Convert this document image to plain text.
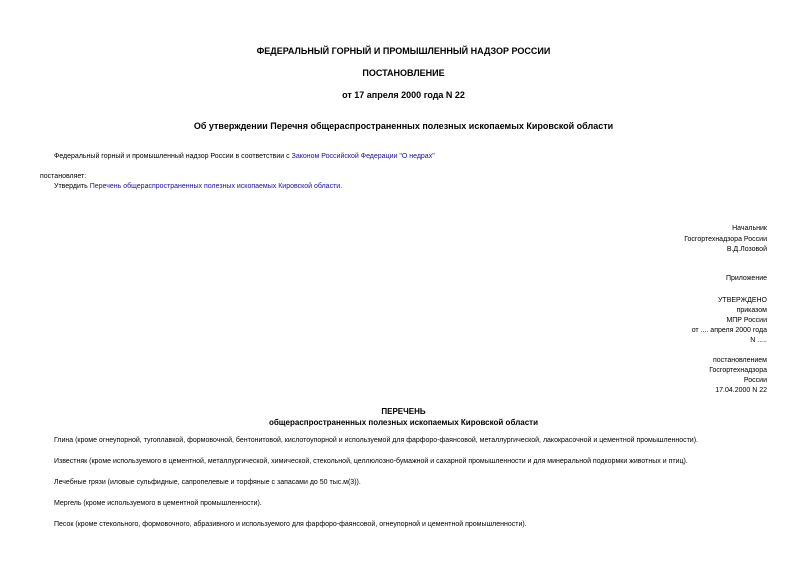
ФЕДЕРАЛЬНЫЙ ГОРНЫЙ И ПРОМЫШЛЕННЫЙ НАДЗОР РОССИИ
ПОСТАНОВЛЕНИЕ
от 17 апреля 2000 года N 22
Об утверждении Перечня общераспространенных полезных ископаемых Кировской области
Федеральный горный и промышленный надзор России в соответствии с Законом Российской Федерации "О недрах"
постановляет:
Утвердить Перечень общераспространенных полезных ископаемых Кировской области.
Начальник
Госгортехнадзора России
В.Д.Лозовой
Приложение
УТВЕРЖДЕНО
приказом
МПР России
от .... апреля 2000 года
N .....
постановлением
Госгортехнадзора
России
17.04.2000 N 22
ПЕРЕЧЕНЬ
общераспространенных полезных ископаемых Кировской области
Глина (кроме огнеупорной, тугоплавкой, формовочной, бентонитовой, кислотоупорной и используемой для фарфоро-фаянсовой, металлургической, лакокрасочной и цементной промышленности).
Известняк (кроме используемого в цементной, металлургической, химической, стекольной, целлюлозно-бумажной и сахарной промышленности и для минеральной подкормки животных и птиц).
Лечебные грязи (иловые сульфидные, сапропелевые и торфяные с запасами до 50 тыс.м(3)).
Мергель (кроме используемого в цементной промышленности).
Песок (кроме стекольного, формовочного, абразивного и используемого для фарфоро-фаянсовой, огнеупорной и цементной промышленности).
